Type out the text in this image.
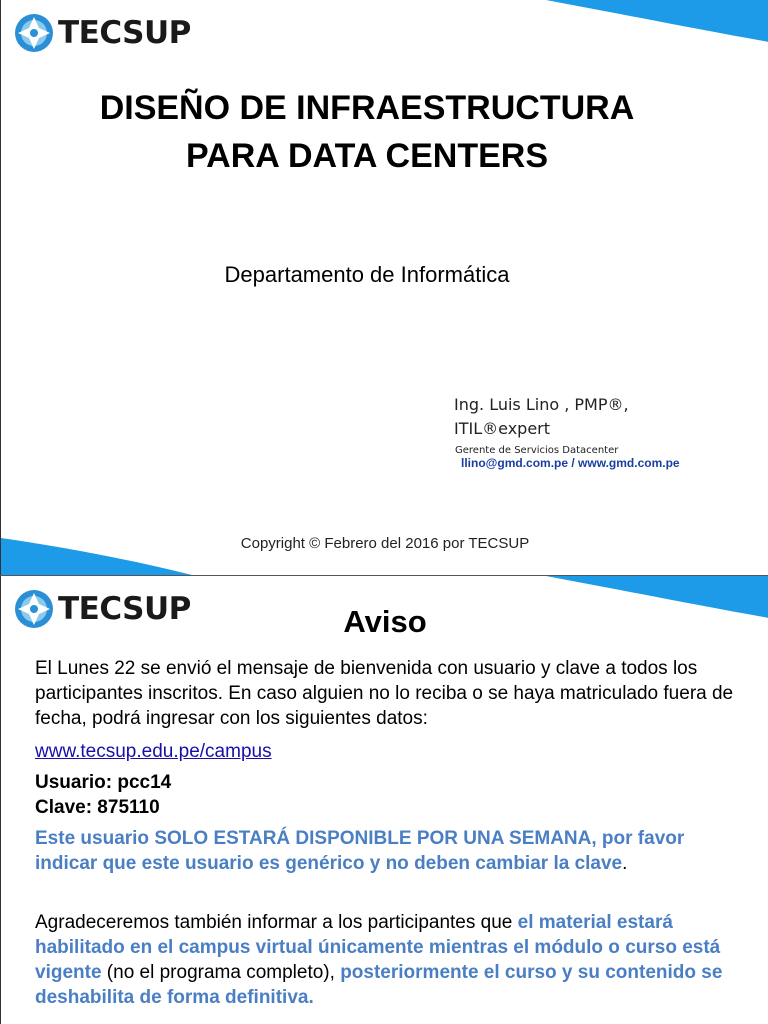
TECSUP
DISEÑO DE INFRAESTRUCTURA
PARA DATA CENTERS

Departamento de Informática

Ing. Luis Lino , PMP®,
ITIL®expert
Gerente de Servicios Datacenter
llino@gmd.com.pe / www.gmd.com.pe
Copyright © Febrero del 2016 por TECSUP
TECSUP	Aviso

El Lunes 22 se envió el mensaje de bienvenida con usuario y clave a todos los participantes inscritos. En caso alguien no lo reciba o se haya matriculado fuera de fecha, podrá ingresar con los siguientes datos:

www.tecsup.edu.pe/campus

Usuario: pcc14

Clave: 875110

Este usuario SOLO ESTARÁ DISPONIBLE POR UNA SEMANA, por favor indicar que este usuario es genérico y no deben cambiar la clave.

Agradeceremos también informar a los participantes que el material estará habilitado en el campus virtual únicamente mientras el módulo o curso está vigente (no el programa completo), posteriormente el curso y su contenido se deshabilita de forma definitiva.
